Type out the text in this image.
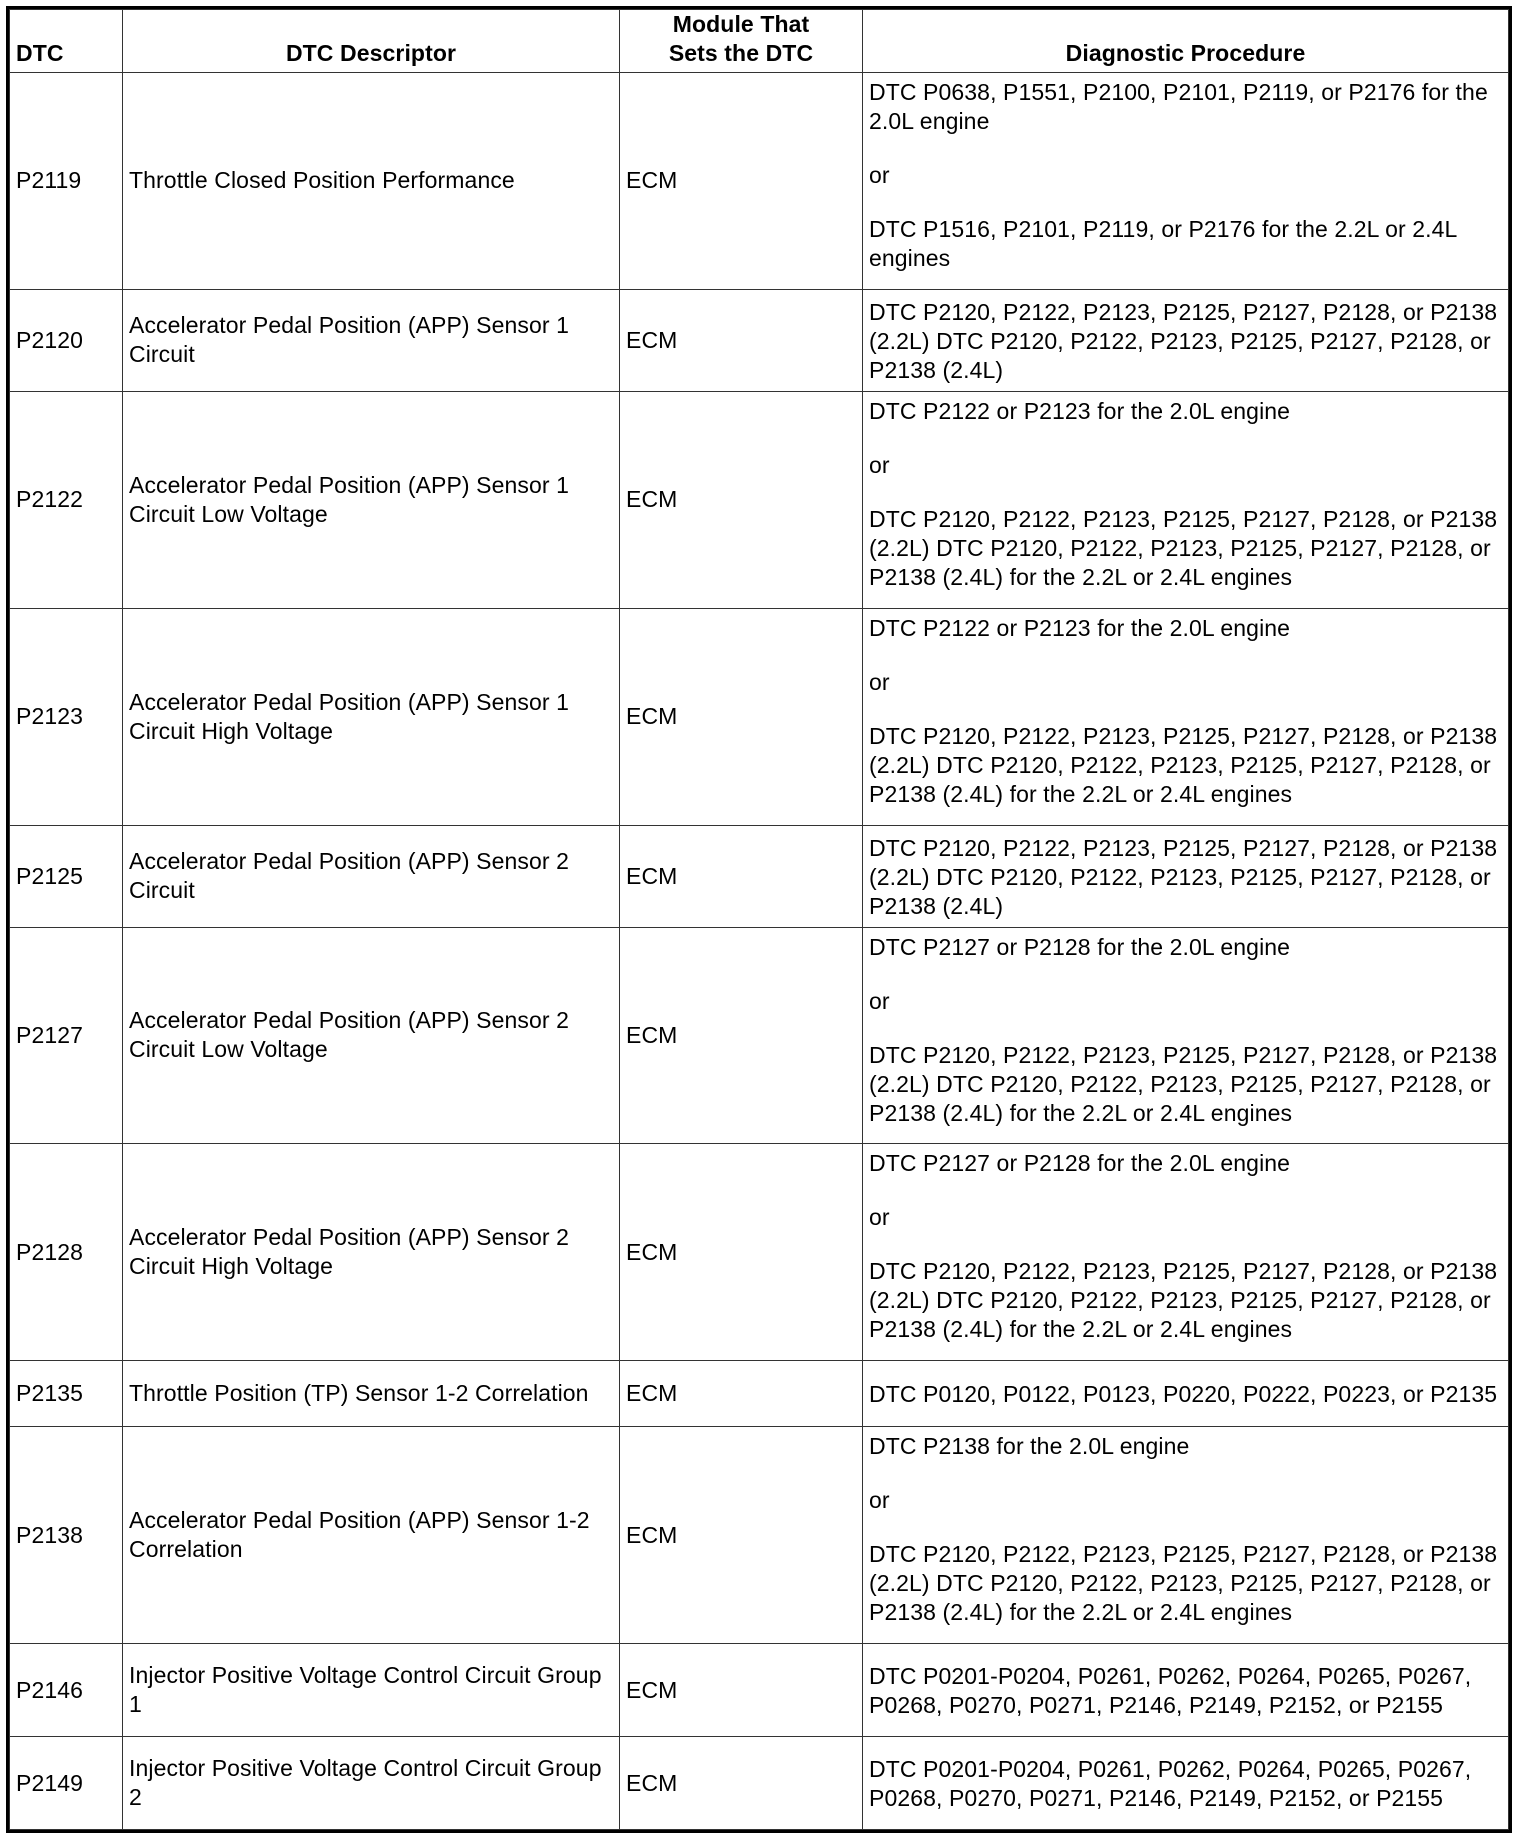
DTC	DTC Descriptor	Module That Sets the DTC	Diagnostic Procedure
P2119	Throttle Closed Position Performance	ECM	DTC P0638, P1551, P2100, P2101, P2119, or P2176 for the 2.0L engine
or
DTC P1516, P2101, P2119, or P2176 for the 2.2L or 2.4L engines

P2120	Accelerator Pedal Position (APP) Sensor 1 Circuit	ECM	DTC P2120, P2122, P2123, P2125, P2127, P2128, or P2138 (2.2L) DTC P2120, P2122, P2123, P2125, P2127, P2128, or P2138 (2.4L)

P2122	Accelerator Pedal Position (APP) Sensor 1 Circuit Low Voltage	ECM	DTC P2122 or P2123 for the 2.0L engine
or
DTC P2120, P2122, P2123, P2125, P2127, P2128, or P2138 (2.2L) DTC P2120, P2122, P2123, P2125, P2127, P2128, or P2138 (2.4L) for the 2.2L or 2.4L engines

P2123	Accelerator Pedal Position (APP) Sensor 1 Circuit High Voltage	ECM	DTC P2122 or P2123 for the 2.0L engine
or
DTC P2120, P2122, P2123, P2125, P2127, P2128, or P2138 (2.2L) DTC P2120, P2122, P2123, P2125, P2127, P2128, or P2138 (2.4L) for the 2.2L or 2.4L engines

P2125	Accelerator Pedal Position (APP) Sensor 2 Circuit	ECM	DTC P2120, P2122, P2123, P2125, P2127, P2128, or P2138 (2.2L) DTC P2120, P2122, P2123, P2125, P2127, P2128, or P2138 (2.4L)

P2127	Accelerator Pedal Position (APP) Sensor 2 Circuit Low Voltage	ECM	DTC P2127 or P2128 for the 2.0L engine
or
DTC P2120, P2122, P2123, P2125, P2127, P2128, or P2138 (2.2L) DTC P2120, P2122, P2123, P2125, P2127, P2128, or P2138 (2.4L) for the 2.2L or 2.4L engines

P2128	Accelerator Pedal Position (APP) Sensor 2 Circuit High Voltage	ECM	DTC P2127 or P2128 for the 2.0L engine
or
DTC P2120, P2122, P2123, P2125, P2127, P2128, or P2138 (2.2L) DTC P2120, P2122, P2123, P2125, P2127, P2128, or P2138 (2.4L) for the 2.2L or 2.4L engines

P2135	Throttle Position (TP) Sensor 1-2 Correlation	ECM	DTC P0120, P0122, P0123, P0220, P0222, P0223, or P2135

P2138	Accelerator Pedal Position (APP) Sensor 1-2 Correlation	ECM	DTC P2138 for the 2.0L engine
or
DTC P2120, P2122, P2123, P2125, P2127, P2128, or P2138 (2.2L) DTC P2120, P2122, P2123, P2125, P2127, P2128, or P2138 (2.4L) for the 2.2L or 2.4L engines

P2146	Injector Positive Voltage Control Circuit Group 1	ECM	DTC P0201-P0204, P0261, P0262, P0264, P0265, P0267, P0268, P0270, P0271, P2146, P2149, P2152, or P2155

P2149	Injector Positive Voltage Control Circuit Group 2	ECM	DTC P0201-P0204, P0261, P0262, P0264, P0265, P0267, P0268, P0270, P0271, P2146, P2149, P2152, or P2155
